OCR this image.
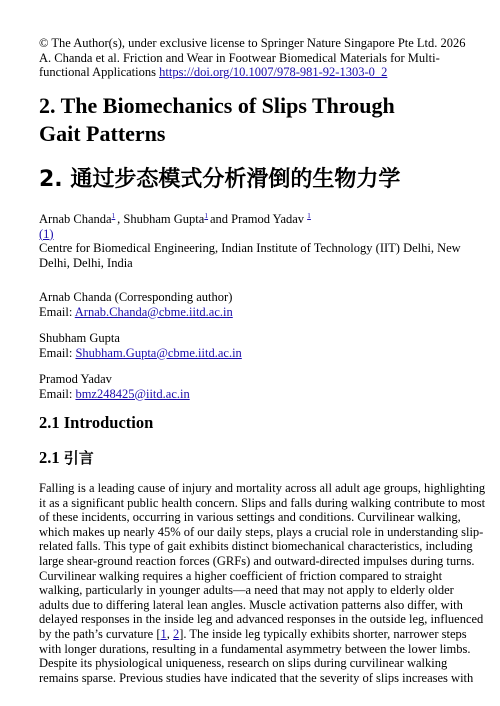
© The Author(s), under exclusive license to Springer Nature Singapore Pte Ltd. 2026
A. Chanda et al. Friction and Wear in Footwear Biomedical Materials for Multi-
functional Applications https://doi.org/10.1007/978-981-92-1303-0_2
2. The Biomechanics of Slips Through
Gait Patterns
2. 通过步态模式分析滑倒的生物力学
Arnab Chanda$^1$ , Shubham Gupta$^1$ and Pramod Yadav $^1$
(1)
Centre for Biomedical Engineering, Indian Institute of Technology (IIT) Delhi, New
Delhi, Delhi, India
Arnab Chanda (Corresponding author)
Email: Arnab.Chanda@cbme.iitd.ac.in
Shubham Gupta
Email: Shubham.Gupta@cbme.iitd.ac.in
Pramod Yadav
Email: bmz248425@iitd.ac.in
2.1 Introduction
2.1 引言
Falling is a leading cause of injury and mortality across all adult age groups, highlighting
it as a significant public health concern. Slips and falls during walking contribute to most
of these incidents, occurring in various settings and conditions. Curvilinear walking,
which makes up nearly 45% of our daily steps, plays a crucial role in understanding slip-
related falls. This type of gait exhibits distinct biomechanical characteristics, including
large shear-ground reaction forces (GRFs) and outward-directed impulses during turns.
Curvilinear walking requires a higher coefficient of friction compared to straight
walking, particularly in younger adults—a need that may not apply to elderly older
adults due to differing lateral lean angles. Muscle activation patterns also differ, with
delayed responses in the inside leg and advanced responses in the outside leg, influenced
by the path’s curvature [1, 2]. The inside leg typically exhibits shorter, narrower steps
with longer durations, resulting in a fundamental asymmetry between the lower limbs.
Despite its physiological uniqueness, research on slips during curvilinear walking
remains sparse. Previous studies have indicated that the severity of slips increases with
